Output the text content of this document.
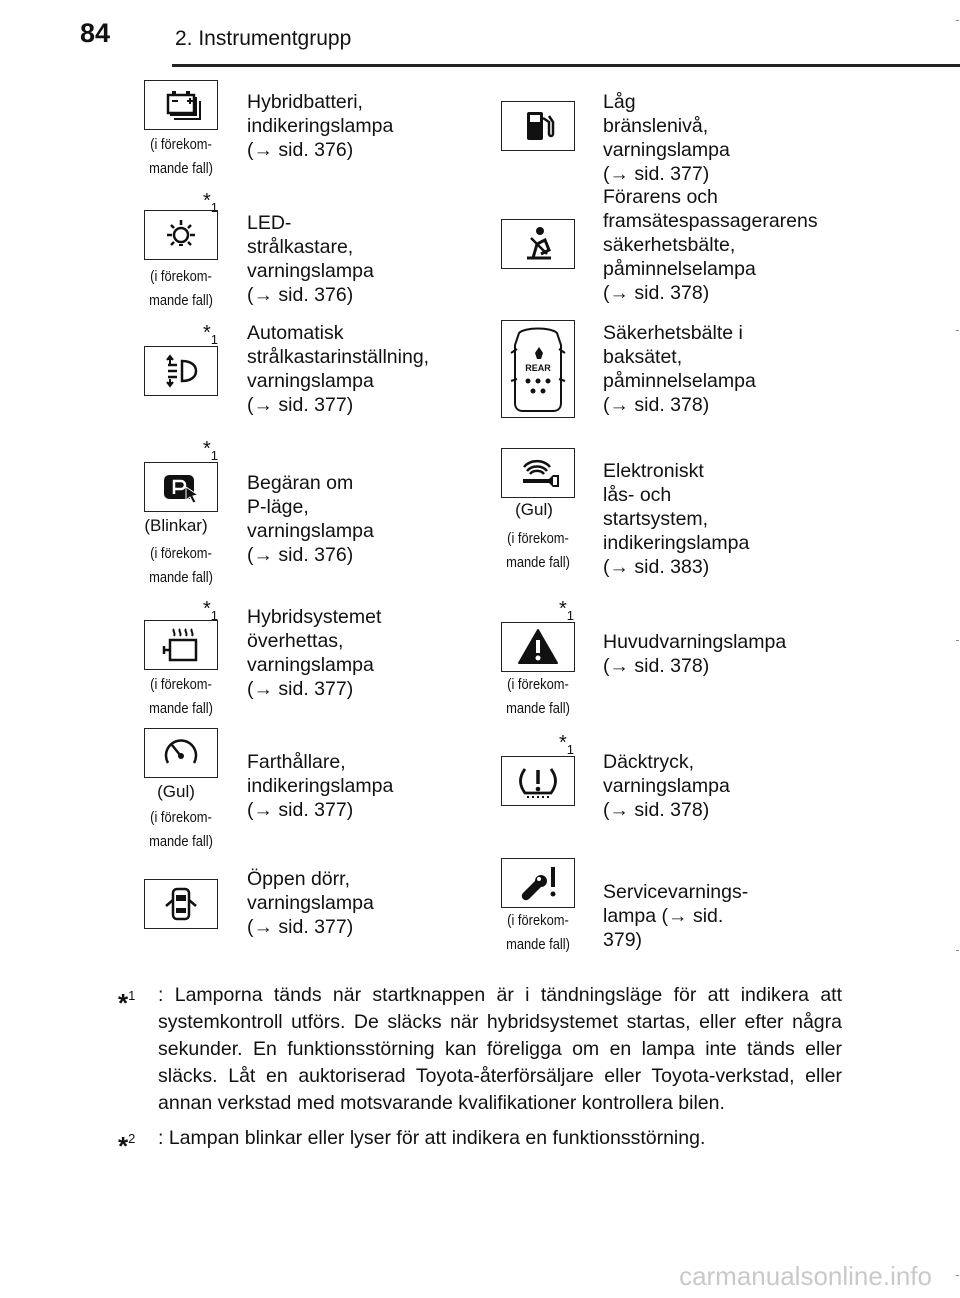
84	2. Instrumentgrupp
(i förekom-
mande fall)
Hybridbatteri,
indikeringslampa
(→ sid. 376)
$*_1$
(i förekom-
mande fall)
LED-strålkastare,
varningslampa
(→ sid. 376)
$*_1$ Automatisk
strålkastarinställning,
varningslampa
(→ sid. 377)
$*_1$
(Blinkar)
(i förekom-
mande fall)
Begäran om P-läge,
varningslampa
(→ sid. 376)
$*_1$
(i förekom-
mande fall)
Hybridsystemet
överhettas,
varningslampa
(→ sid. 377)
(Gul)
(i förekom-
mande fall)
Farthållare,
indikeringslampa
(→ sid. 377)
Öppen dörr,
varningslampa
(→ sid. 377)
Låg bränslenivå,
varningslampa
(→ sid. 377)
Förarens och
framsätespassagerarens
säkerhetsbälte,
påminnelselampa
(→ sid. 378)
REAR
Säkerhetsbälte i
baksätet,
påminnelselampa
(→ sid. 378)
(Gul)
(i förekom-
mande fall)
Elektroniskt
lås- och startsystem,
indikeringslampa
(→ sid. 383)
$*_1$
(i förekom-
mande fall)
Huvudvarningslampa
(→ sid. 378)
$*_1$
Däcktryck,
varningslampa
(→ sid. 378)
(i förekom-
mande fall)
Servicevarnings-
lampa (→ sid. 379)
*$^1$ : Lamporna tänds när startknappen är i tändningsläge för att indikera att systemkontroll utförs. De släcks när hybridsystemet startas, eller efter några sekunder. En funktionsstörning kan föreligga om en lampa inte tänds eller släcks. Låt en auktoriserad Toyota-återförsäljare eller Toyota-verkstad, eller annan verkstad med motsvarande kvalifikationer kontrollera bilen.
*$^2$ : Lampan blinkar eller lyser för att indikera en funktionsstörning.
carmanualsonline.info
